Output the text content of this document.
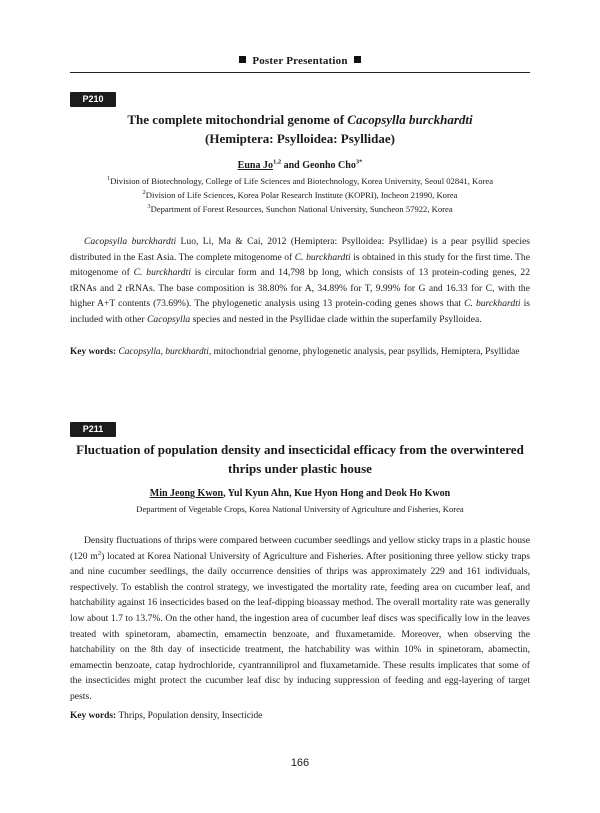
Poster Presentation
P210
The complete mitochondrial genome of Cacopsylla burckhardti
(Hemiptera: Psylloidea: Psyllidae)
Euna Jo$^{1,2}$ and Geonho Cho$^{3*}$
$^1$Division of Biotechnology, College of Life Sciences and Biotechnology, Korea University, Seoul 02841, Korea
$^2$Division of Life Sciences, Korea Polar Research Institute (KOPRI), Incheon 21990, Korea
$^3$Department of Forest Resources, Sunchon National University, Suncheon 57922, Korea
Cacopsylla burckhardti Luo, Li, Ma & Cai, 2012 (Hemiptera: Psylloidea: Psyllidae) is a pear psyllid species distributed in the East Asia. The complete mitogenome of C. burckhardti is obtained in this study for the first time. The mitogenome of C. burckhardti is circular form and 14,798 bp long, which consists of 13 protein-coding genes, 22 tRNAs and 2 rRNAs. The base composition is 38.80% for A, 34.89% for T, 9.99% for G and 16.33 for C, with the higher A+T contents (73.69%). The phylogenetic analysis using 13 protein-coding genes shows that C. burckhardti is included with other Cacopsylla species and nested in the Psyllidae clade within the superfamily Psylloidea.
Key words: Cacopsylla, burckhardti, mitochondrial genome, phylogenetic analysis, pear psyllids, Hemiptera, Psyllidae
P211
Fluctuation of population density and insecticidal efficacy from the overwintered
thrips under plastic house
Min Jeong Kwon, Yul Kyun Ahn, Kue Hyon Hong and Deok Ho Kwon
Department of Vegetable Crops, Korea National University of Agriculture and Fisheries, Korea
Density fluctuations of thrips were compared between cucumber seedlings and yellow sticky traps in a plastic house (120 $m^2$) located at Korea National University of Agriculture and Fisheries. After positioning three yellow sticky traps and nine cucumber seedlings, the daily occurrence densities of thrips was approximately 229 and 161 individuals, respectively. To establish the control strategy, we investigated the mortality rate, feeding area on cucumber leaf, and hatchability against 16 insecticides based on the leaf-dipping bioassay method. The overall mortality rate was generally low about 1.7 to 13.7%. On the other hand, the ingestion area of cucumber leaf discs was specifically low in the leaves treated with spinetoram, abamectin, emamectin benzoate, and fluxametamide. Moreover, when observing the hatchability on the 8th day of insecticide treatment, the hatchability was within 10% in spinetoram, abamectin, emamectin benzoate, catap hydrochloride, cyantranniliprol and fluxametamide. These results implicates that some of the insecticides might protect the cucumber leaf disc by inducing suppression of feeding and egg-layering of target pests.
Key words: Thrips, Population density, Insecticide
166
